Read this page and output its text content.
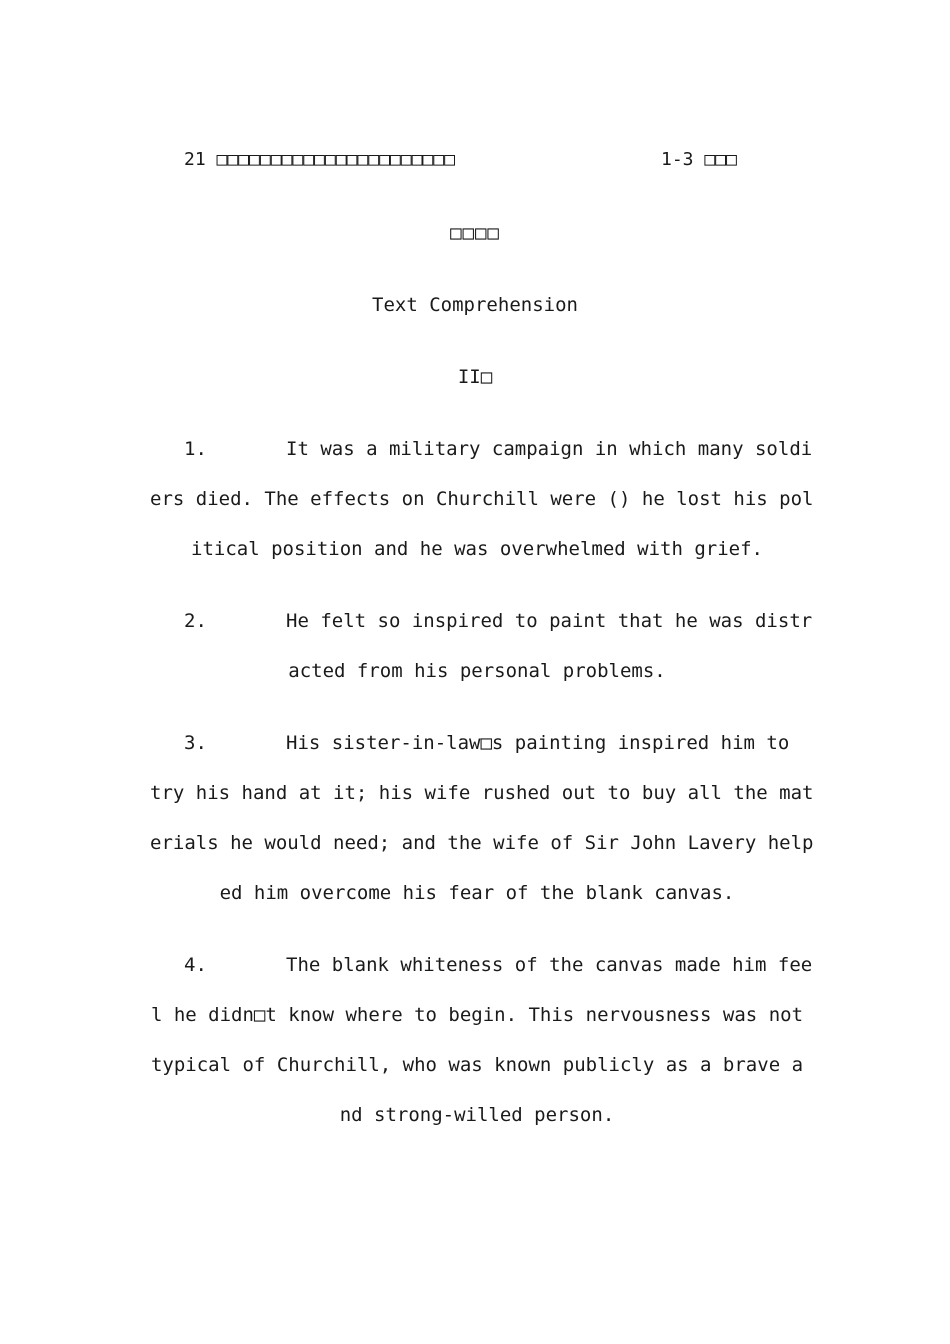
21 □□□□□□□□□□□□□□□□□□□□□□	1-3 □□□
□□□□
Text Comprehension
II□
1.	It was a military campaign in which many soldi
ers died. The effects on Churchill were () he lost his pol
itical position and he was overwhelmed with grief.
2.	He felt so inspired to paint that he was distr
acted from his personal problems.
3.	His sister-in-law□s painting inspired him to
try his hand at it; his wife rushed out to buy all the mat
erials he would need; and the wife of Sir John Lavery help
ed him overcome his fear of the blank canvas.
4.	The blank whiteness of the canvas made him fee
l he didn□t know where to begin. This nervousness was not
typical of Churchill, who was known publicly as a brave a
nd strong-willed person.
